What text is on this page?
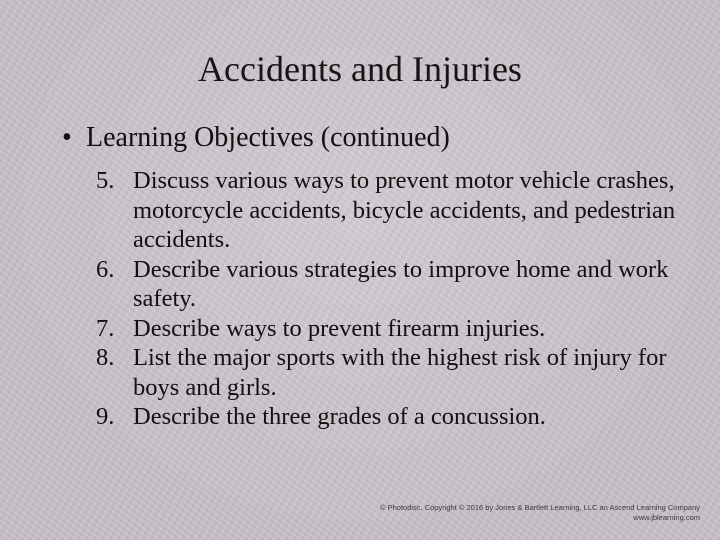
Accidents and Injuries
• Learning Objectives (continued)
5. Discuss various ways to prevent motor vehicle crashes, motorcycle accidents, bicycle accidents, and pedestrian accidents.
6. Describe various strategies to improve home and work safety.
7. Describe ways to prevent firearm injuries.
8. List the major sports with the highest risk of injury for boys and girls.
9. Describe the three grades of a concussion.
© Photodisc. Copyright © 2016 by Jones & Bartlett Learning, LLC an Ascend Learning Company
www.jblearning.com
